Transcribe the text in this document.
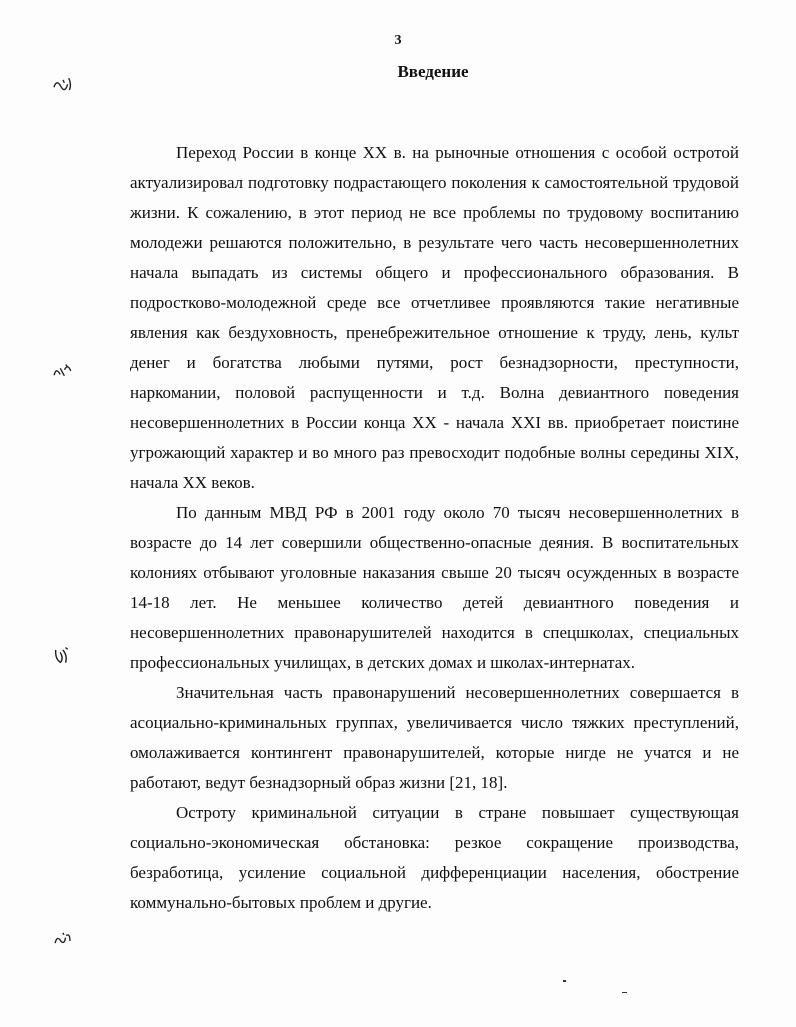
3
Введение

Переход России в конце XX в. на рыночные отношения с особой остротой актуализировал подготовку подрастающего поколения к самостоятельной трудовой жизни. К сожалению, в этот период не все проблемы по трудовому воспитанию молодежи решаются положительно, в результате чего часть несовершеннолетних начала выпадать из системы общего и профессионального образования. В подростково-молодежной среде все отчетливее проявляются такие негативные явления как бездуховность, пренебрежительное отношение к труду, лень, культ денег и богатства любыми путями, рост безнадзорности, преступности, наркомании, половой распущенности и т.д. Волна девиантного поведения несовершеннолетних в России конца XX - начала XXI вв. приобретает поистине угрожающий характер и во много раз превосходит подобные волны середины XIX, начала XX веков.

По данным МВД РФ в 2001 году около 70 тысяч несовершеннолетних в возрасте до 14 лет совершили общественно-опасные деяния. В воспитательных колониях отбывают уголовные наказания свыше 20 тысяч осужденных в возрасте 14-18 лет. Не меньшее количество детей девиантного поведения и несовершеннолетних правонарушителей находится в спецшколах, специальных профессиональных училищах, в детских домах и школах-интернатах.

Значительная часть правонарушений несовершеннолетних совершается в асоциально-криминальных группах, увеличивается число тяжких преступлений, омолаживается контингент правонарушителей, которые нигде не учатся и не работают, ведут безнадзорный образ жизни [21, 18].

Остроту криминальной ситуации в стране повышает существующая социально-экономическая обстановка: резкое сокращение производства, безработица, усиление социальной дифференциации населения, обострение коммунально-бытовых проблем и другие.
